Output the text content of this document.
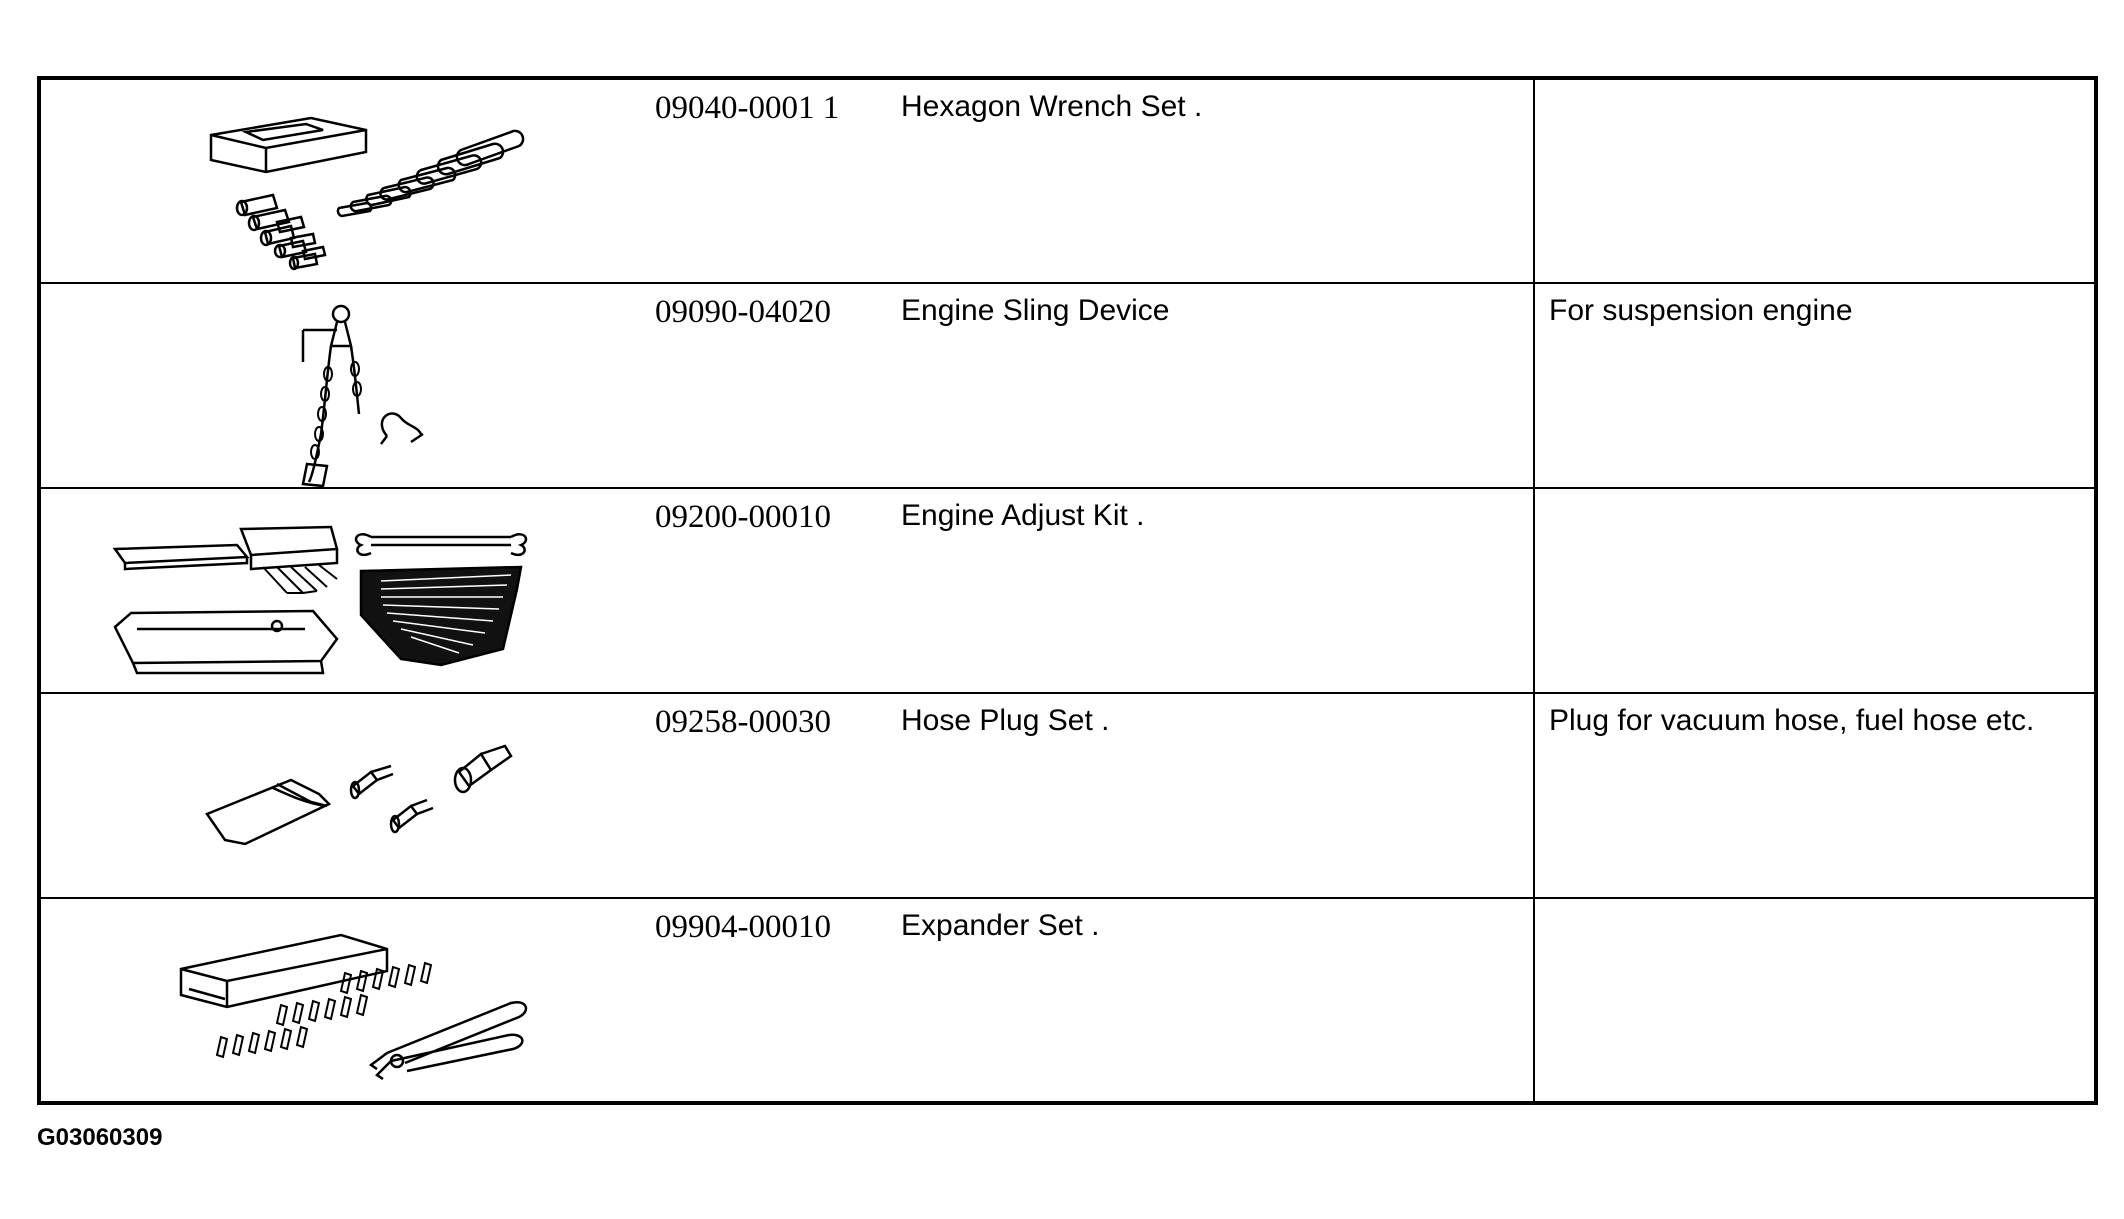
09040-0001 1	Hexagon Wrench Set .	

09090-04020	Engine Sling Device	For suspension engine

09200-00010	Engine Adjust Kit .	

09258-00030	Hose Plug Set .	Plug for vacuum hose, fuel hose etc.

09904-00010	Expander Set .	

G03060309
